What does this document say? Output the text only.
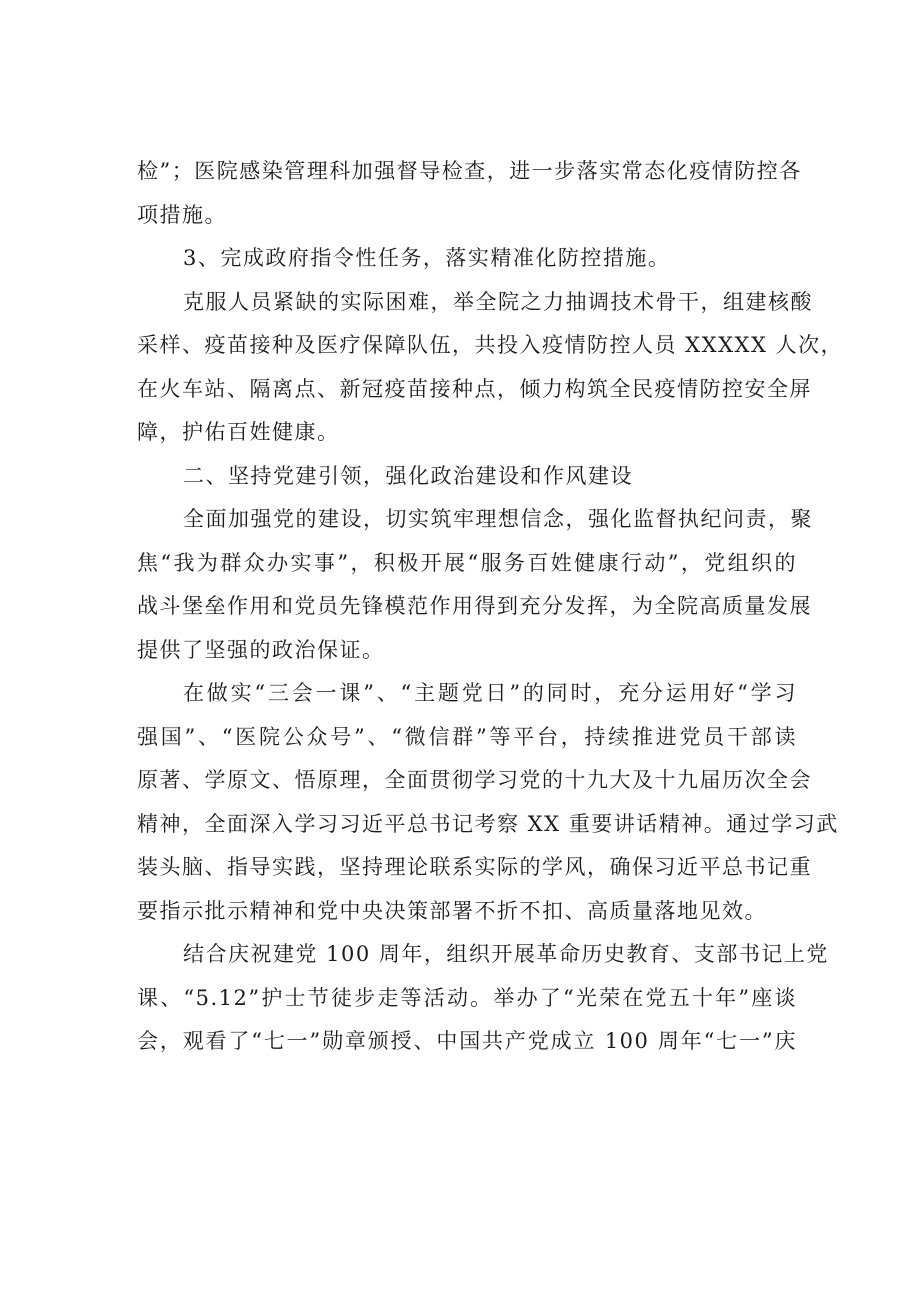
检”；医院感染管理科加强督导检查，进一步落实常态化疫情防控各
项措施。
3、完成政府指令性任务，落实精准化防控措施。
克服人员紧缺的实际困难，举全院之力抽调技术骨干，组建核酸
采样、疫苗接种及医疗保障队伍，共投入疫情防控人员 XXXXX 人次，
在火车站、隔离点、新冠疫苗接种点，倾力构筑全民疫情防控安全屏
障，护佑百姓健康。
二、坚持党建引领，强化政治建设和作风建设
全面加强党的建设，切实筑牢理想信念，强化监督执纪问责，聚
焦“我为群众办实事”，积极开展“服务百姓健康行动”，党组织的
战斗堡垒作用和党员先锋模范作用得到充分发挥，为全院高质量发展
提供了坚强的政治保证。
在做实“三会一课”、“主题党日”的同时，充分运用好“学习
强国”、“医院公众号”、“微信群”等平台，持续推进党员干部读
原著、学原文、悟原理，全面贯彻学习党的十九大及十九届历次全会
精神，全面深入学习习近平总书记考察 XX 重要讲话精神。通过学习武
装头脑、指导实践，坚持理论联系实际的学风，确保习近平总书记重
要指示批示精神和党中央决策部署不折不扣、高质量落地见效。
结合庆祝建党 100 周年，组织开展革命历史教育、支部书记上党
课、“5.12”护士节徒步走等活动。举办了“光荣在党五十年”座谈
会，观看了“七一”勋章颁授、中国共产党成立 100 周年“七一”庆
